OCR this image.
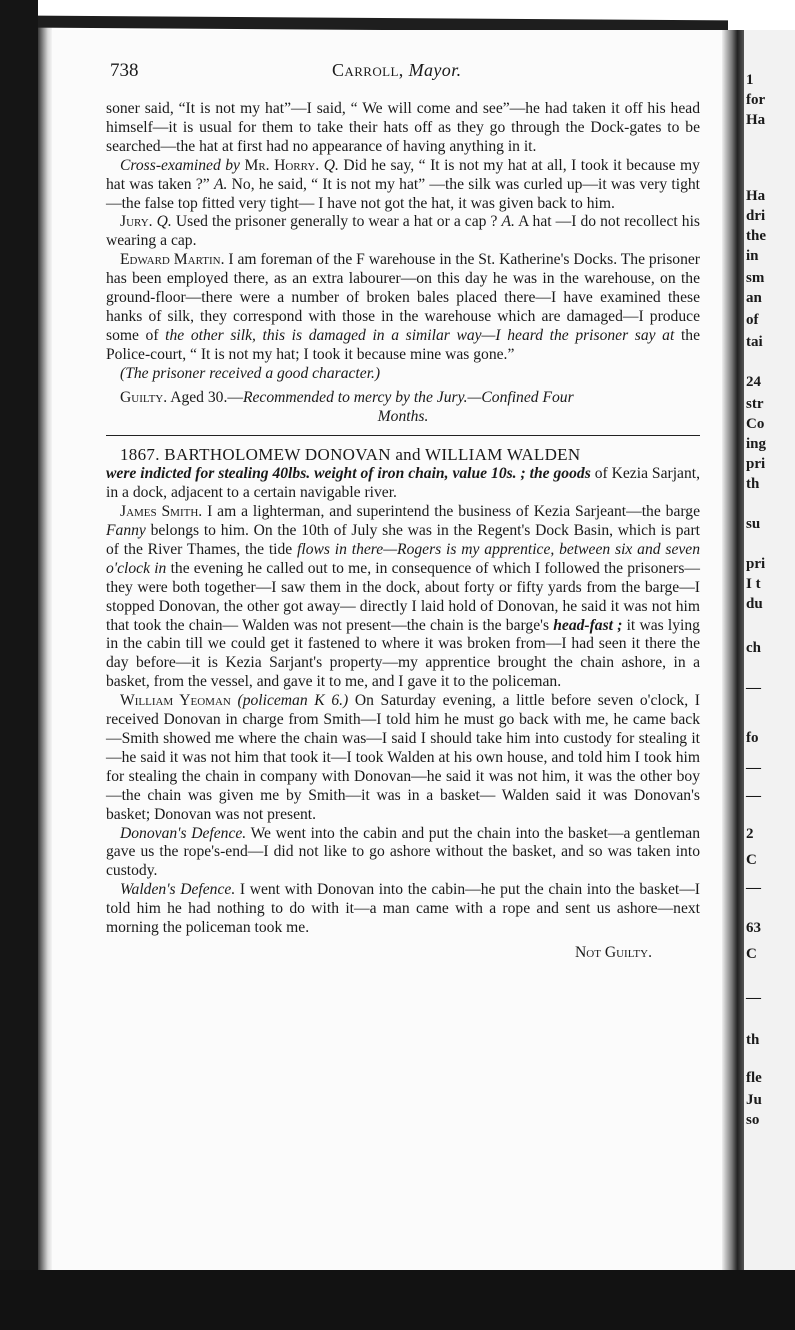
1
for
Ha
Ha
dri
the
in
sm
an
of
tai
24
str
Co
ing
pri
th
su
pri
I t
du
ch
—
fo
—
—
2
C
—
63
C
—
th
fle
Ju
so
738	Carroll, Mayor.

soner said, “It is not my hat”—I said, “ We will come and see”—he had taken it off his head himself—it is usual for them to take their hats off as they go through the Dock-gates to be searched—the hat at first had no appearance of having anything in it.

Cross-examined by Mr. Horry. Q. Did he say, “ It is not my hat at all, I took it because my hat was taken ?” A. No, he said, “ It is not my hat” —the silk was curled up—it was very tight—the false top fitted very tight— I have not got the hat, it was given back to him.

Jury. Q. Used the prisoner generally to wear a hat or a cap ? A. A hat —I do not recollect his wearing a cap.

Edward Martin. I am foreman of the F warehouse in the St. Katherine's Docks. The prisoner has been employed there, as an extra labourer—on this day he was in the warehouse, on the ground-floor—there were a number of broken bales placed there—I have examined these hanks of silk, they correspond with those in the warehouse which are damaged—I produce some of the other silk, this is damaged in a similar way—I heard the prisoner say at the Police-court, “ It is not my hat; I took it because mine was gone.”

(The prisoner received a good character.)

Guilty. Aged 30.—Recommended to mercy by the Jury.—Confined Four

Months.

1867. BARTHOLOMEW DONOVAN and WILLIAM WALDEN

were indicted for stealing 40lbs. weight of iron chain, value 10s. ; the goods of Kezia Sarjant, in a dock, adjacent to a certain navigable river.

James Smith. I am a lighterman, and superintend the business of Kezia Sarjeant—the barge Fanny belongs to him. On the 10th of July she was in the Regent's Dock Basin, which is part of the River Thames, the tide flows in there—Rogers is my apprentice, between six and seven o'clock in the evening he called out to me, in consequence of which I followed the prisoners—they were both together—I saw them in the dock, about forty or fifty yards from the barge—I stopped Donovan, the other got away— directly I laid hold of Donovan, he said it was not him that took the chain— Walden was not present—the chain is the barge's head-fast ; it was lying in the cabin till we could get it fastened to where it was broken from—I had seen it there the day before—it is Kezia Sarjant's property—my apprentice brought the chain ashore, in a basket, from the vessel, and gave it to me, and I gave it to the policeman.

William Yeoman (policeman K 6.) On Saturday evening, a little before seven o'clock, I received Donovan in charge from Smith—I told him he must go back with me, he came back—Smith showed me where the chain was—I said I should take him into custody for stealing it—he said it was not him that took it—I took Walden at his own house, and told him I took him for stealing the chain in company with Donovan—he said it was not him, it was the other boy—the chain was given me by Smith—it was in a basket— Walden said it was Donovan's basket; Donovan was not present.

Donovan's Defence. We went into the cabin and put the chain into the basket—a gentleman gave us the rope's-end—I did not like to go ashore without the basket, and so was taken into custody.

Walden's Defence. I went with Donovan into the cabin—he put the chain into the basket—I told him he had nothing to do with it—a man came with a rope and sent us ashore—next morning the policeman took me.

Not Guilty.
